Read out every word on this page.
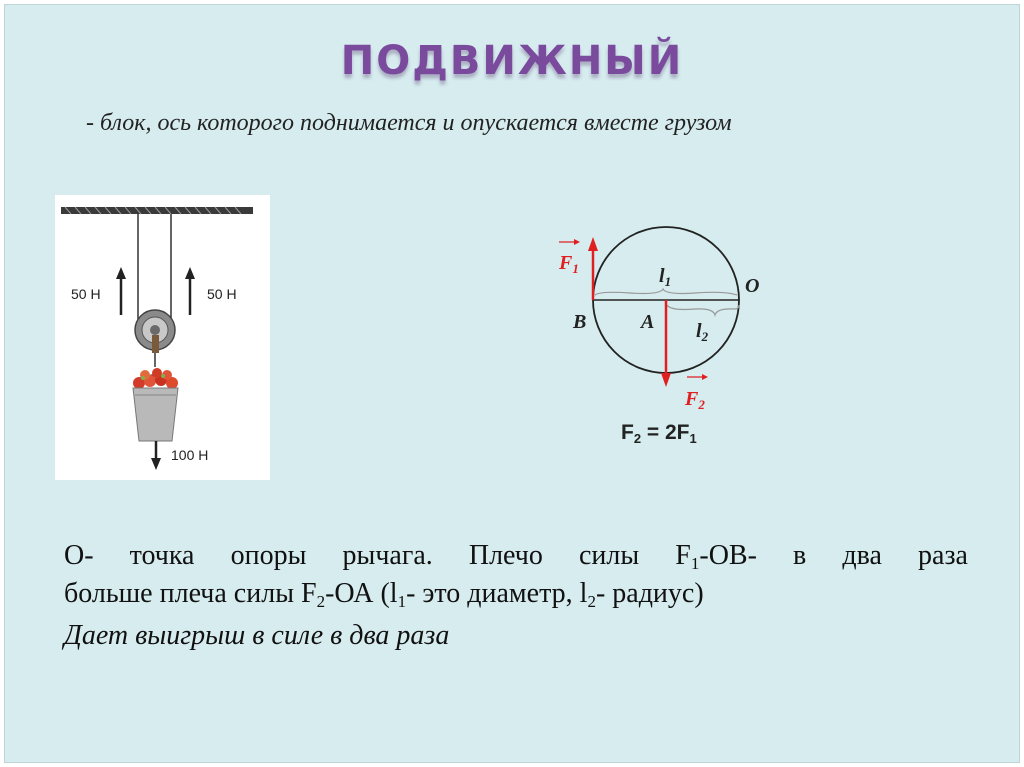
ПОДВИЖНЫЙ
- блок, ось которого поднимается и опускается вместе грузом
50 Н	50 Н
100 Н
$F_1$	$l_1$	O
B	A $l_2$
$F_2$
F2 = 2F1
О- точка опоры рычага. Плечо силы $F_1-ОВ-$ в два раза
больше плеча силы $F_2-ОА$ ($l_1-$ это диаметр, $l_2-$ радиус)
Дает выигрыш в силе в два раза
